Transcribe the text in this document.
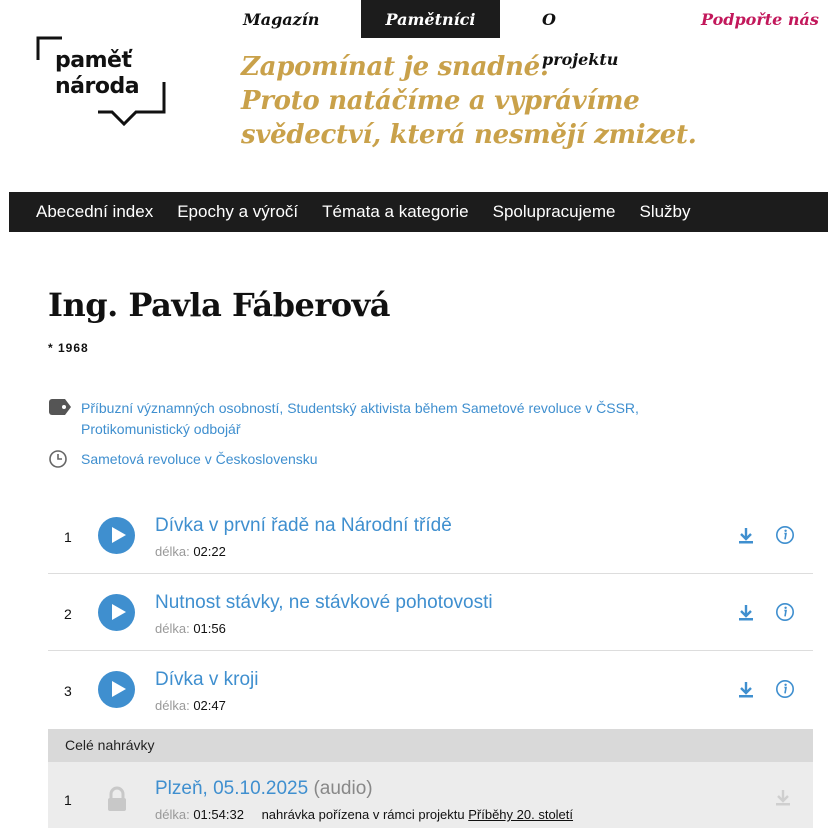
Magazín	Pamětníci	O projektu
Podpořte nás
paměť
národa
Zapomínat je snadné.
Proto natáčíme a vyprávíme
svědectví, která nesmějí zmizet.
Abecední index Epochy a výročí Témata a kategorie Spolupracujeme Služby
Ing. Pavla Fáberová
* 1968
Příbuzní významných osobností, Studentský aktivista během Sametové revoluce v ČSSR,
Protikomunistický odbojář
Sametová revoluce v Československu
1
Dívka v první řadě na Národní třídě
délka: 02:22
2
Nutnost stávky, ne stávkové pohotovosti
délka: 01:56
3
Dívka v kroji
délka: 02:47
Celé nahrávky
1
Plzeň, 05.10.2025 (audio)
délka: 01:54:32 nahrávka pořízena v rámci projektu Příběhy 20. století
